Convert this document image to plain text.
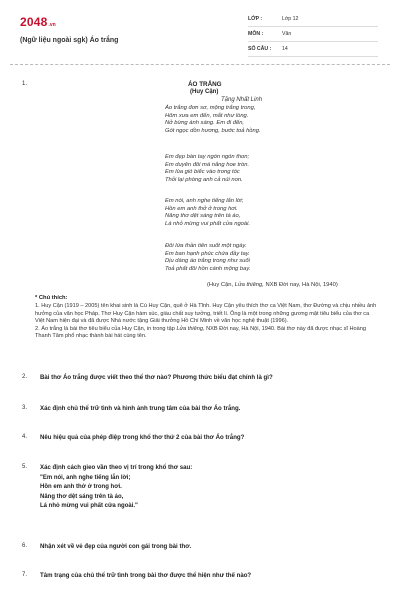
2048 .vn
(Ngữ liệu ngoài sgk) Áo trắng
LỚP :	Lớp 12
MÔN :	Văn
SỐ CÂU :	14
1.	ÁO TRẮNG
(Huy Cận)
Tặng Nhất Linh
Áo trắng đơn sơ, mộng trắng trong,
Hôm xưa em đến, mắt như lòng.
Nở bừng ánh sáng. Em đi đến,
Gót ngọc dồn hương, bước toả hồng.
Em đẹp bàn tay ngón ngón thon;
Em duyên đôi má nắng hoe tròn.
Em lùa gió biếc vào trong tóc
Thỏi lại phòng anh cả núi non.
Em nói, anh nghe tiếng lắn lời;
Hồn em anh thở ở trong hơi.
Nâng thơ dệt sáng trên tà áo,
Lá nhỏ mừng vui phất cửa ngoài.
Đôi lứa thần tiên suốt một ngày.
Em ban hạnh phúc chứa đầy tay.
Dịu dàng áo trắng trong như suối
Toả phất đôi hồn cánh mộng bay.
(Huy Cận, Lửa thiêng, NXB Đời nay, Hà Nội, 1940)
* Chú thích:

1. Huy Cận (1919 – 2005) tên khai sinh là Cù Huy Cận, quê ở Hà Tĩnh. Huy Cận yêu thích thơ ca Việt Nam, thơ Đường và chịu nhiều ảnh hưởng của văn học Pháp. Thơ Huy Cận hàm súc, giàu chất suy tưởng, triết lí. Ông là một trong những gương mặt tiêu biểu của thơ ca Việt Nam hiện đại và đã được Nhà nước tặng Giải thưởng Hồ Chí Minh về văn học nghệ thuật (1996).

2. Áo trắng là bài thơ tiêu biểu của Huy Cận, in trong tập Lửa thiêng, NXB Đời nay, Hà Nội, 1940. Bài thơ này đã được nhạc sĩ Hoàng Thanh Tâm phổ nhạc thành bài hát cùng tên.

2. Bài thơ Áo trắng được viết theo thể thơ nào? Phương thức biểu đạt chính là gì?
3. Xác định chủ thể trữ tình và hình ảnh trung tâm của bài thơ Áo trắng.
4. Nêu hiệu quả của phép điệp trong khổ thơ thứ 2 của bài thơ Áo trắng?
5. Xác định cách gieo vần theo vị trí trong khổ thơ sau:
"Em nói, anh nghe tiếng lắn lời;
Hồn em anh thở ở trong hơi.
Nâng thơ dệt sáng trên tà áo,
Lá nhỏ mừng vui phất cửa ngoài."
6. Nhận xét về vẻ đẹp của người con gái trong bài thơ.
7. Tâm trạng của chủ thể trữ tình trong bài thơ được thể hiện như thế nào?
